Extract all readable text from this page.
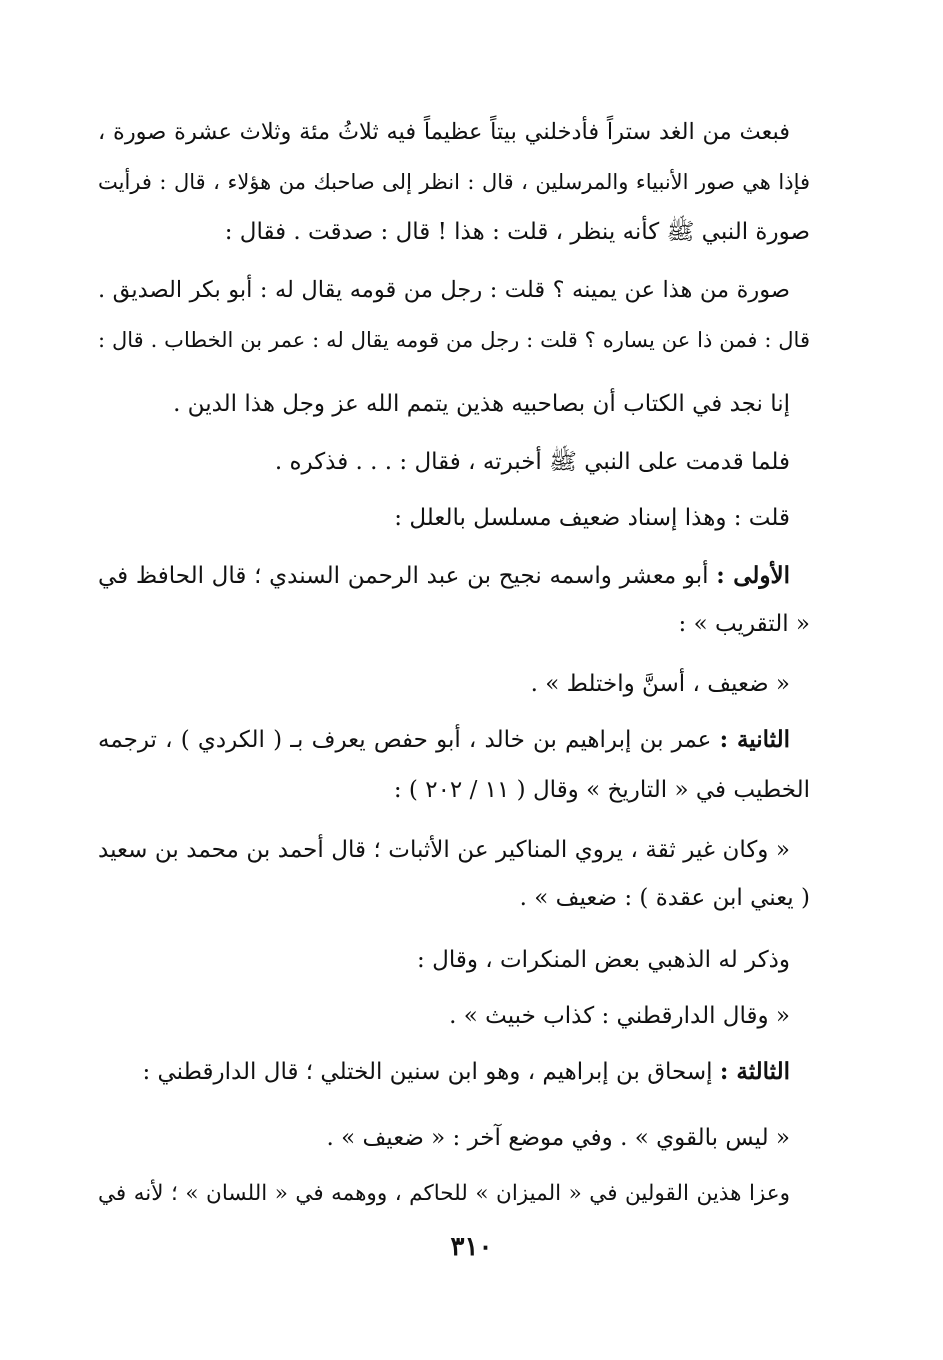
فبعث من الغد ستراً فأدخلني بيتاً عظيماً فيه ثلاثُ مئة وثلاث عشرة صورة ،
فإذا هي صور الأنبياء والمرسلين ، قال : انظر إلى صاحبك من هؤلاء ، قال : فرأيت
صورة النبي ﷺ كأنه ينظر ، قلت : هذا ! قال : صدقت . فقال :
صورة من هذا عن يمينه ؟ قلت : رجل من قومه يقال له : أبو بكر الصديق .
قال : فمن ذا عن يساره ؟ قلت : رجل من قومه يقال له : عمر بن الخطاب . قال :
إنا نجد في الكتاب أن بصاحبيه هذين يتمم الله عز وجل هذا الدين .
فلما قدمت على النبي ﷺ أخبرته ، فقال : . . . فذكره .
قلت : وهذا إسناد ضعيف مسلسل بالعلل :
الأولى : أبو معشر واسمه نجيح بن عبد الرحمن السندي ؛ قال الحافظ في
« التقريب » :
« ضعيف ، أسنَّ واختلط » .
الثانية : عمر بن إبراهيم بن خالد ، أبو حفص يعرف بـ ( الكردي ) ، ترجمه
الخطيب في « التاريخ » وقال ( ١١ / ٢٠٢ ) :
« وكان غير ثقة ، يروي المناكير عن الأثبات ؛ قال أحمد بن محمد بن سعيد
( يعني ابن عقدة ) : ضعيف » .
وذكر له الذهبي بعض المنكرات ، وقال :
« وقال الدارقطني : كذاب خبيث » .
الثالثة : إسحاق بن إبراهيم ، وهو ابن سنين الختلي ؛ قال الدارقطني :
« ليس بالقوي » . وفي موضع آخر : « ضعيف » .
وعزا هذين القولين في « الميزان » للحاكم ، ووهمه في « اللسان » ؛ لأنه في
٣١٠
